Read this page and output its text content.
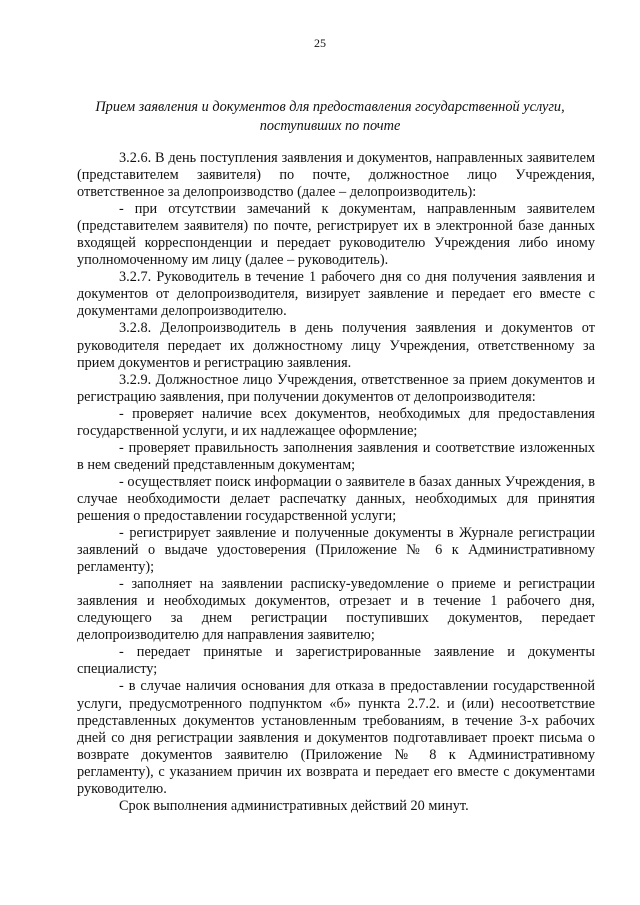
25
Прием заявления и документов для предоставления государственной услуги,
поступивших по почте

3.2.6. В день поступления заявления и документов, направленных заявителем (представителем заявителя) по почте, должностное лицо Учреждения, ответственное за делопроизводство (далее – делопроизводитель):

- при отсутствии замечаний к документам, направленным заявителем (представителем заявителя) по почте, регистрирует их в электронной базе данных входящей корреспонденции и передает руководителю Учреждения либо иному уполномоченному им лицу (далее – руководитель).

3.2.7. Руководитель в течение 1 рабочего дня со дня получения заявления и документов от делопроизводителя, визирует заявление и передает его вместе с документами делопроизводителю.

3.2.8. Делопроизводитель в день получения заявления и документов от руководителя передает их должностному лицу Учреждения, ответственному за прием документов и регистрацию заявления.

3.2.9. Должностное лицо Учреждения, ответственное за прием документов и регистрацию заявления, при получении документов от делопроизводителя:

- проверяет наличие всех документов, необходимых для предоставления государственной услуги, и их надлежащее оформление;

- проверяет правильность заполнения заявления и соответствие изложенных в нем сведений представленным документам;

- осуществляет поиск информации о заявителе в базах данных Учреждения, в случае необходимости делает распечатку данных, необходимых для принятия решения о предоставлении государственной услуги;

- регистрирует заявление и полученные документы в Журнале регистрации заявлений о выдаче удостоверения (Приложение № 6 к Административному регламенту);

- заполняет на заявлении расписку-уведомление о приеме и регистрации заявления и необходимых документов, отрезает и в течение 1 рабочего дня, следующего за днем регистрации поступивших документов, передает делопроизводителю для направления заявителю;

- передает принятые и зарегистрированные заявление и документы специалисту;

- в случае наличия основания для отказа в предоставлении государственной услуги, предусмотренного подпунктом «б» пункта 2.7.2. и (или) несоответствие представленных документов установленным требованиям, в течение 3-х рабочих дней со дня регистрации заявления и документов подготавливает проект письма о возврате документов заявителю (Приложение № 8 к Административному регламенту), с указанием причин их возврата и передает его вместе с документами руководителю.

Срок выполнения административных действий 20 минут.
